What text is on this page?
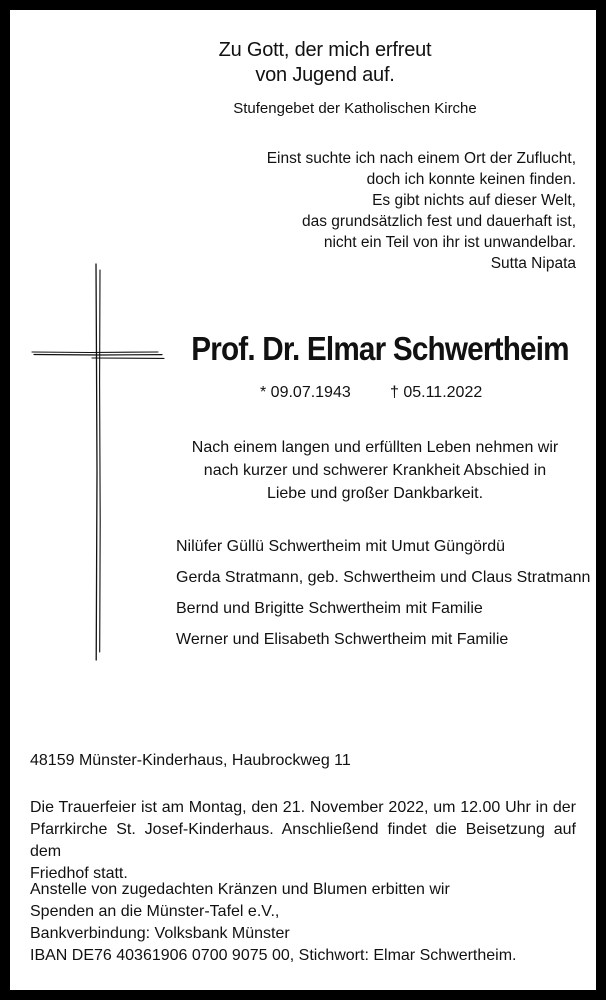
Zu Gott, der mich erfreut
von Jugend auf.
Stufengebet der Katholischen Kirche
Einst suchte ich nach einem Ort der Zuflucht,
doch ich konnte keinen finden.
Es gibt nichts auf dieser Welt,
das grundsätzlich fest und dauerhaft ist,
nicht ein Teil von ihr ist unwandelbar.
Sutta Nipata
Prof. Dr. Elmar Schwertheim
* 09.07.1943 † 05.11.2022
Nach einem langen und erfüllten Leben nehmen wir
nach kurzer und schwerer Krankheit Abschied in
Liebe und großer Dankbarkeit.
Nilüfer Güllü Schwertheim mit Umut Güngördü
Gerda Stratmann, geb. Schwertheim und Claus Stratmann
Bernd und Brigitte Schwertheim mit Familie
Werner und Elisabeth Schwertheim mit Familie
48159 Münster-Kinderhaus, Haubrockweg 11
Die Trauerfeier ist am Montag, den 21. November 2022, um 12.00 Uhr in der
Pfarrkirche St. Josef-Kinderhaus. Anschließend findet die Beisetzung auf dem
Friedhof statt.
Anstelle von zugedachten Kränzen und Blumen erbitten wir
Spenden an die Münster-Tafel e.V.,
Bankverbindung: Volksbank Münster
IBAN DE76 40361906 0700 9075 00, Stichwort: Elmar Schwertheim.
